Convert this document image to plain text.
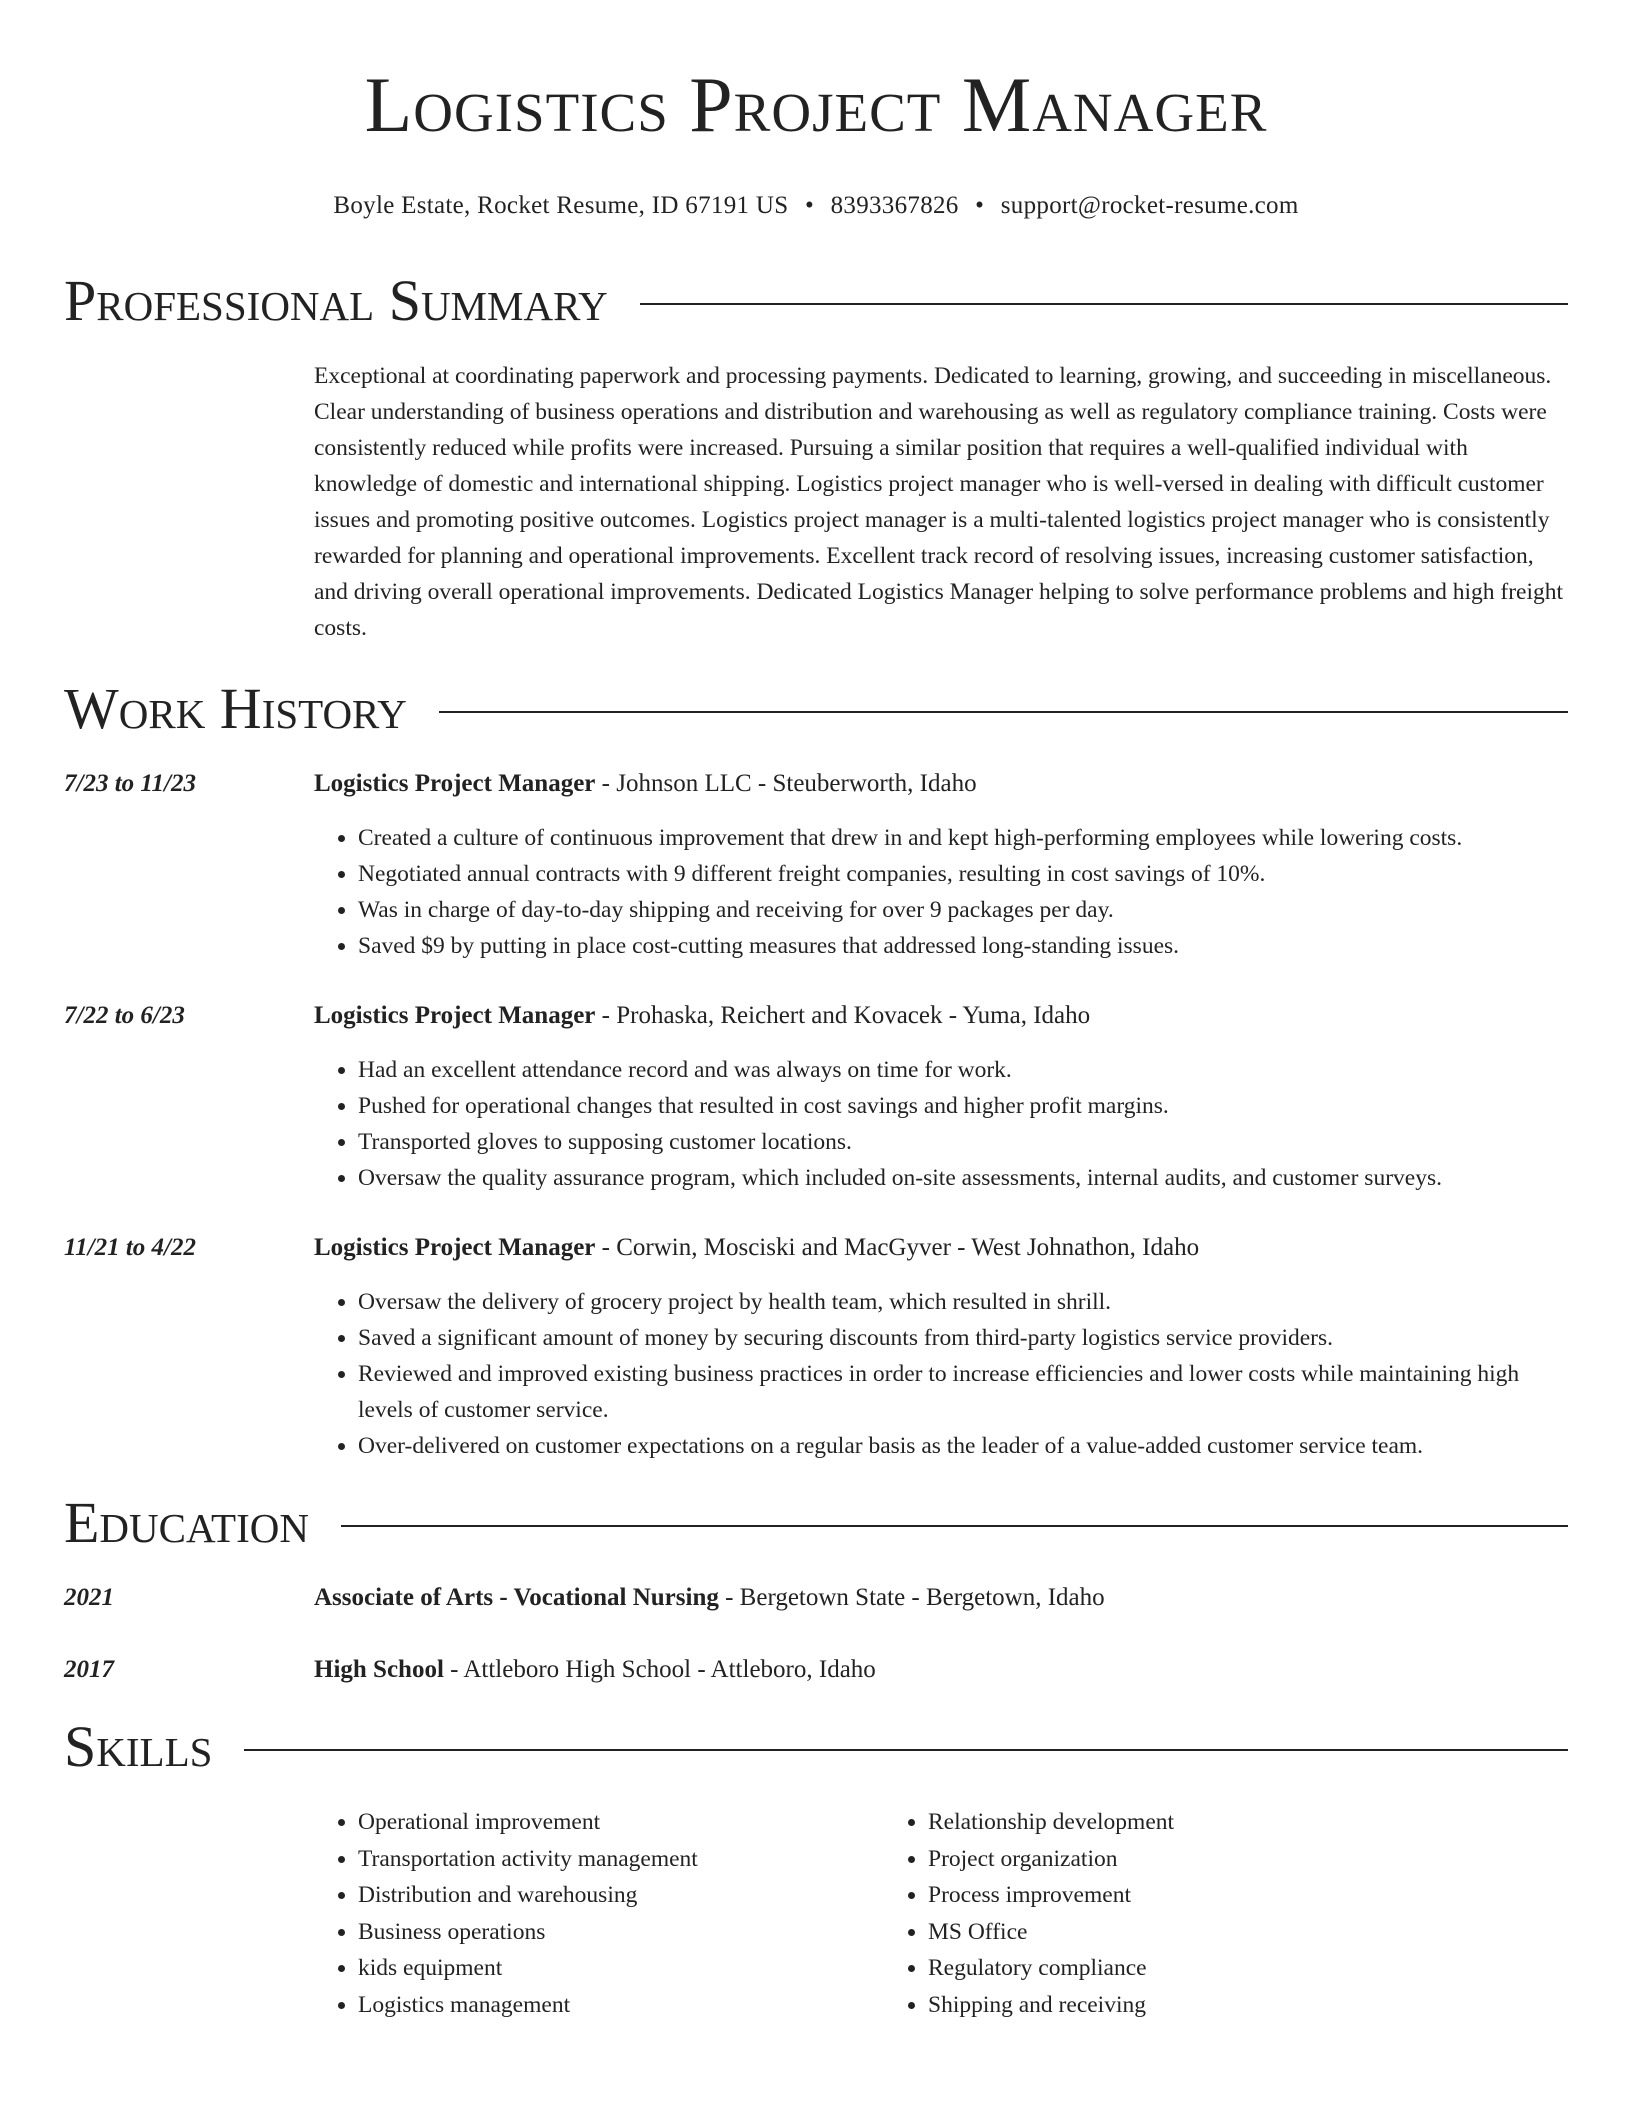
Logistics Project Manager
Boyle Estate, Rocket Resume, ID 67191 US • 8393367826 • support@rocket-resume.com
Professional Summary
Exceptional at coordinating paperwork and processing payments. Dedicated to learning, growing, and succeeding in miscellaneous. Clear understanding of business operations and distribution and warehousing as well as regulatory compliance training. Costs were consistently reduced while profits were increased. Pursuing a similar position that requires a well-qualified individual with knowledge of domestic and international shipping. Logistics project manager who is well-versed in dealing with difficult customer issues and promoting positive outcomes. Logistics project manager is a multi-talented logistics project manager who is consistently rewarded for planning and operational improvements. Excellent track record of resolving issues, increasing customer satisfaction, and driving overall operational improvements. Dedicated Logistics Manager helping to solve performance problems and high freight costs.
Work History
7/23 to 11/23	Logistics Project Manager - Johnson LLC - Steuberworth, Idaho
• Created a culture of continuous improvement that drew in and kept high-performing employees while lowering costs.
• Negotiated annual contracts with 9 different freight companies, resulting in cost savings of 10%.
• Was in charge of day-to-day shipping and receiving for over 9 packages per day.
• Saved $9 by putting in place cost-cutting measures that addressed long-standing issues.
7/22 to 6/23	Logistics Project Manager - Prohaska, Reichert and Kovacek - Yuma, Idaho
• Had an excellent attendance record and was always on time for work.
• Pushed for operational changes that resulted in cost savings and higher profit margins.
• Transported gloves to supposing customer locations.
• Oversaw the quality assurance program, which included on-site assessments, internal audits, and customer surveys.
11/21 to 4/22	Logistics Project Manager - Corwin, Mosciski and MacGyver - West Johnathon, Idaho
• Oversaw the delivery of grocery project by health team, which resulted in shrill.
• Saved a significant amount of money by securing discounts from third-party logistics service providers.
• Reviewed and improved existing business practices in order to increase efficiencies and lower costs while maintaining high levels of customer service.
• Over-delivered on customer expectations on a regular basis as the leader of a value-added customer service team.
Education
2021	Associate of Arts - Vocational Nursing - Bergetown State - Bergetown, Idaho
2017	High School - Attleboro High School - Attleboro, Idaho
Skills
• Operational improvement
• Transportation activity management
• Distribution and warehousing
• Business operations
• kids equipment
• Logistics management
• Relationship development
• Project organization
• Process improvement
• MS Office
• Regulatory compliance
• Shipping and receiving
